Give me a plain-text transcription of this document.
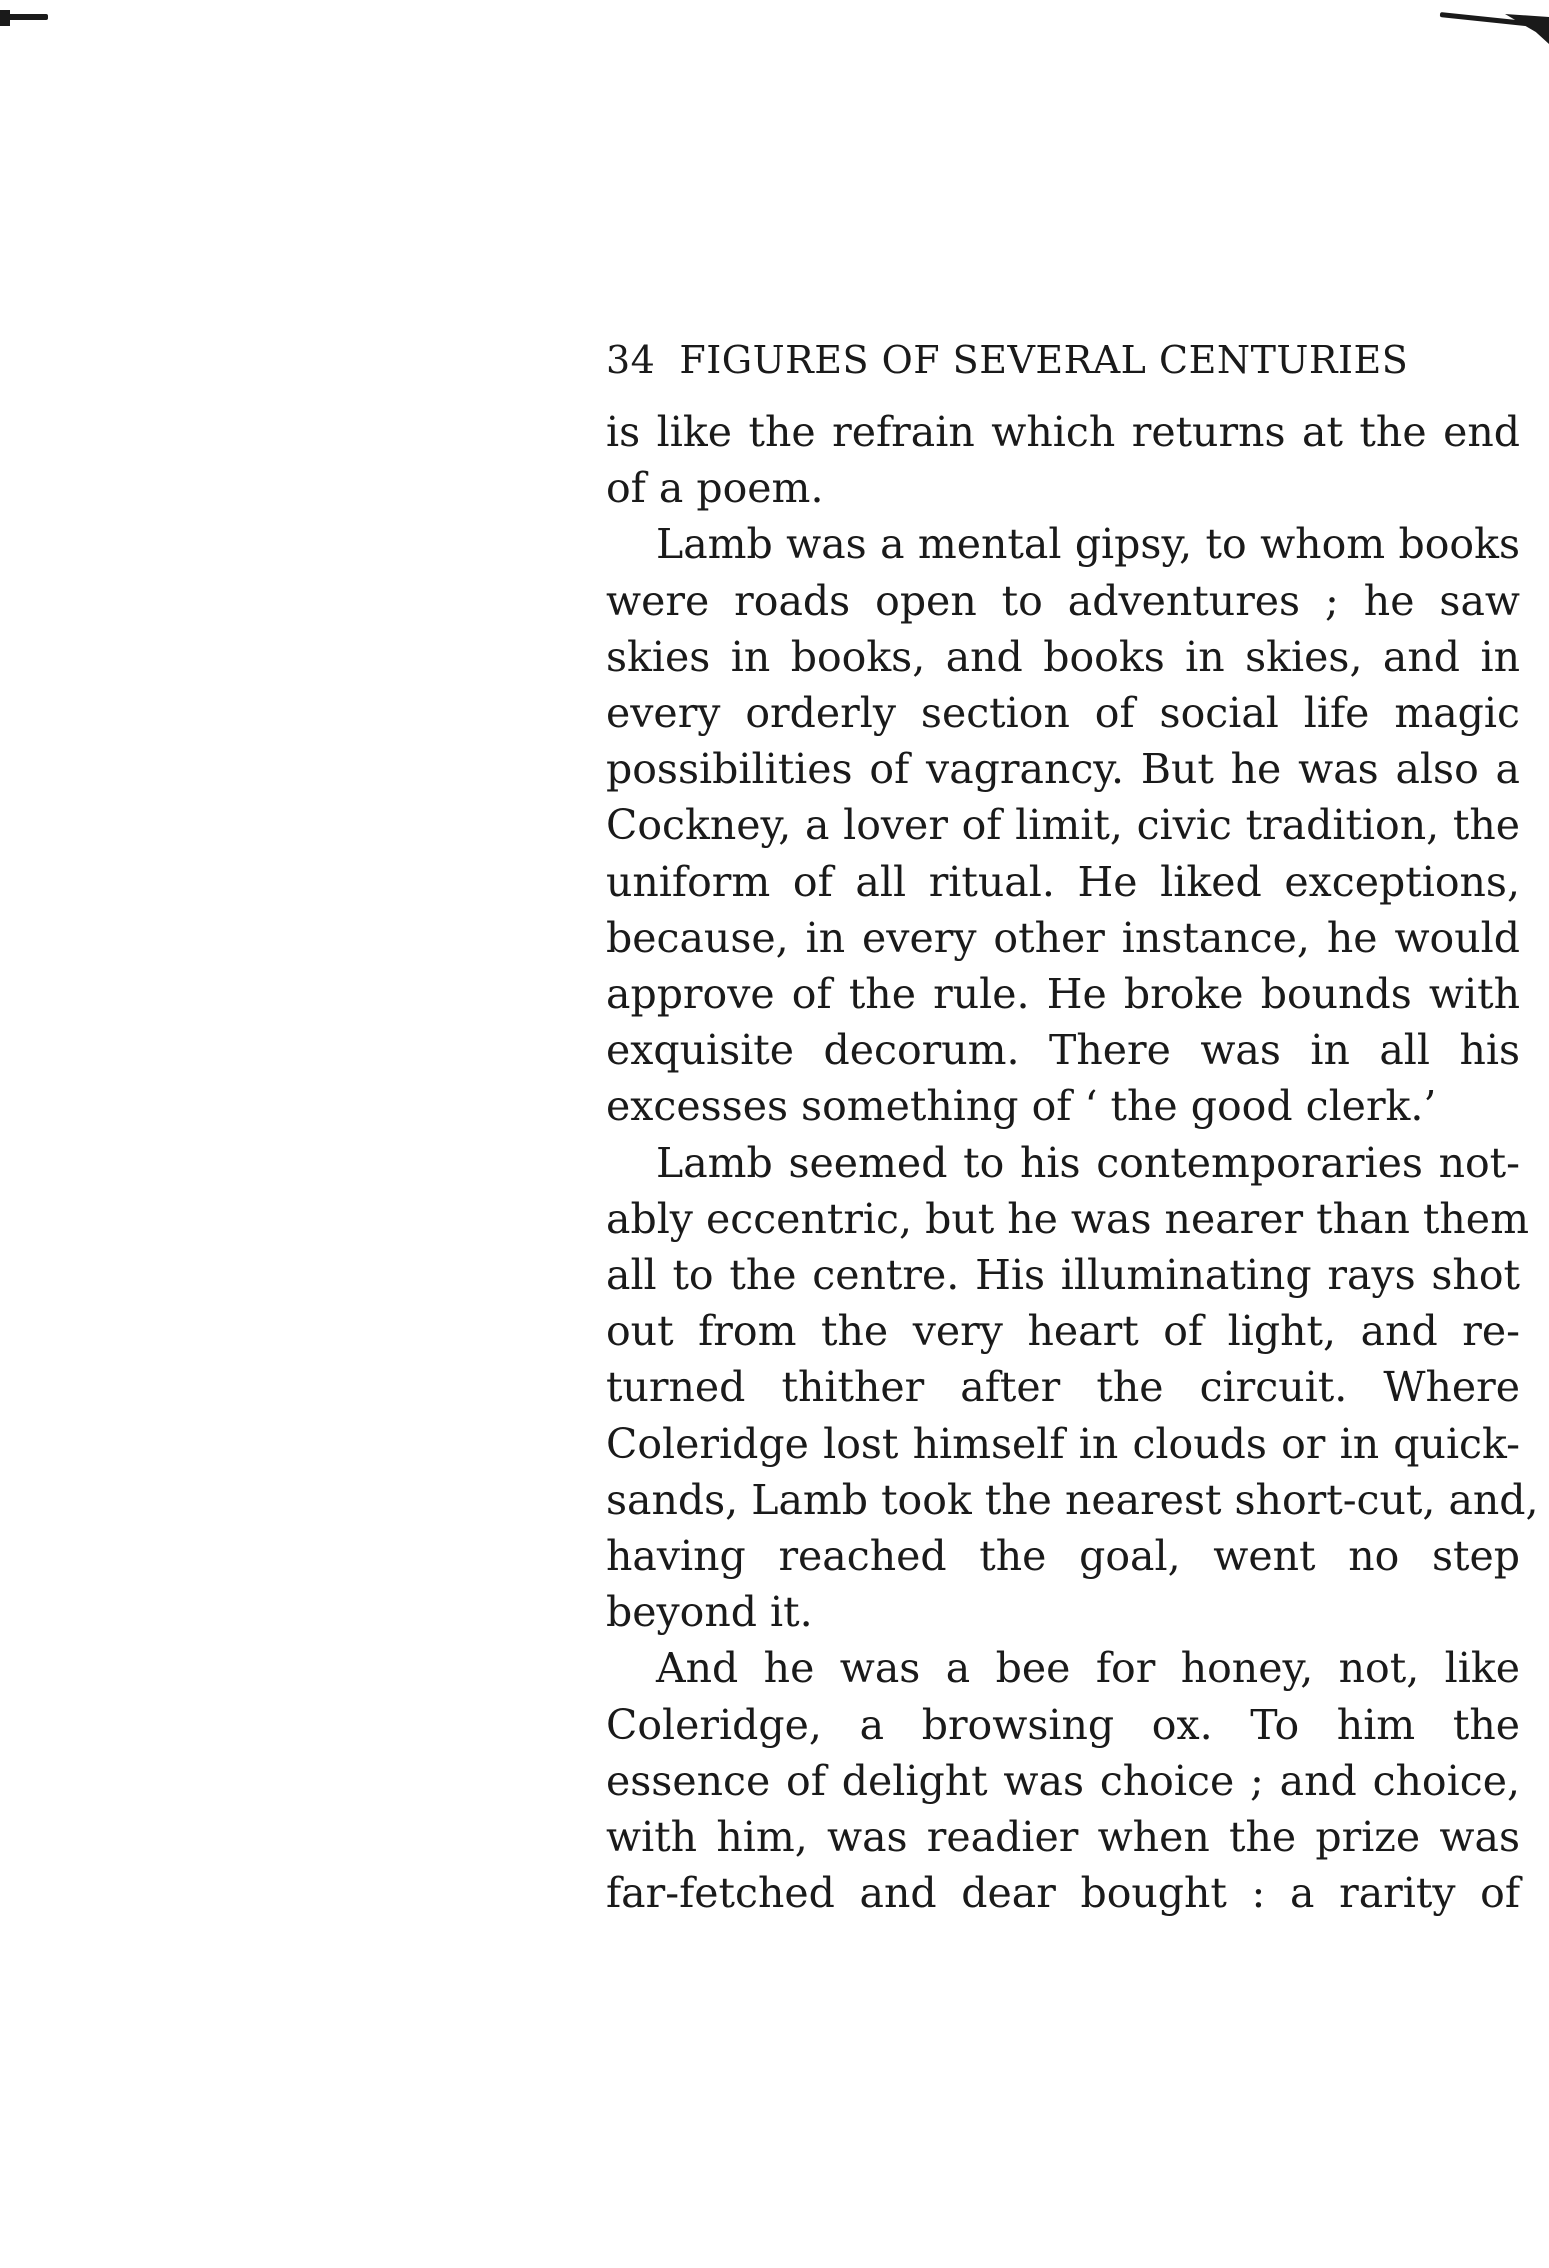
34 FIGURES OF SEVERAL CENTURIES
is like the refrain which returns at the end
of a poem.
Lamb was a mental gipsy, to whom books
were roads open to adventures ; he saw
skies in books, and books in skies, and in
every orderly section of social life magic
possibilities of vagrancy. But he was also a
Cockney, a lover of limit, civic tradition, the
uniform of all ritual. He liked exceptions,
because, in every other instance, he would
approve of the rule. He broke bounds with
exquisite decorum. There was in all his
excesses something of ‘ the good clerk.’
Lamb seemed to his contemporaries not-
ably eccentric, but he was nearer than them
all to the centre. His illuminating rays shot
out from the very heart of light, and re-
turned thither after the circuit. Where
Coleridge lost himself in clouds or in quick-
sands, Lamb took the nearest short-cut, and,
having reached the goal, went no step
beyond it.
And he was a bee for honey, not, like
Coleridge, a browsing ox. To him the
essence of delight was choice ; and choice,
with him, was readier when the prize was
far-fetched and dear bought : a rarity of
